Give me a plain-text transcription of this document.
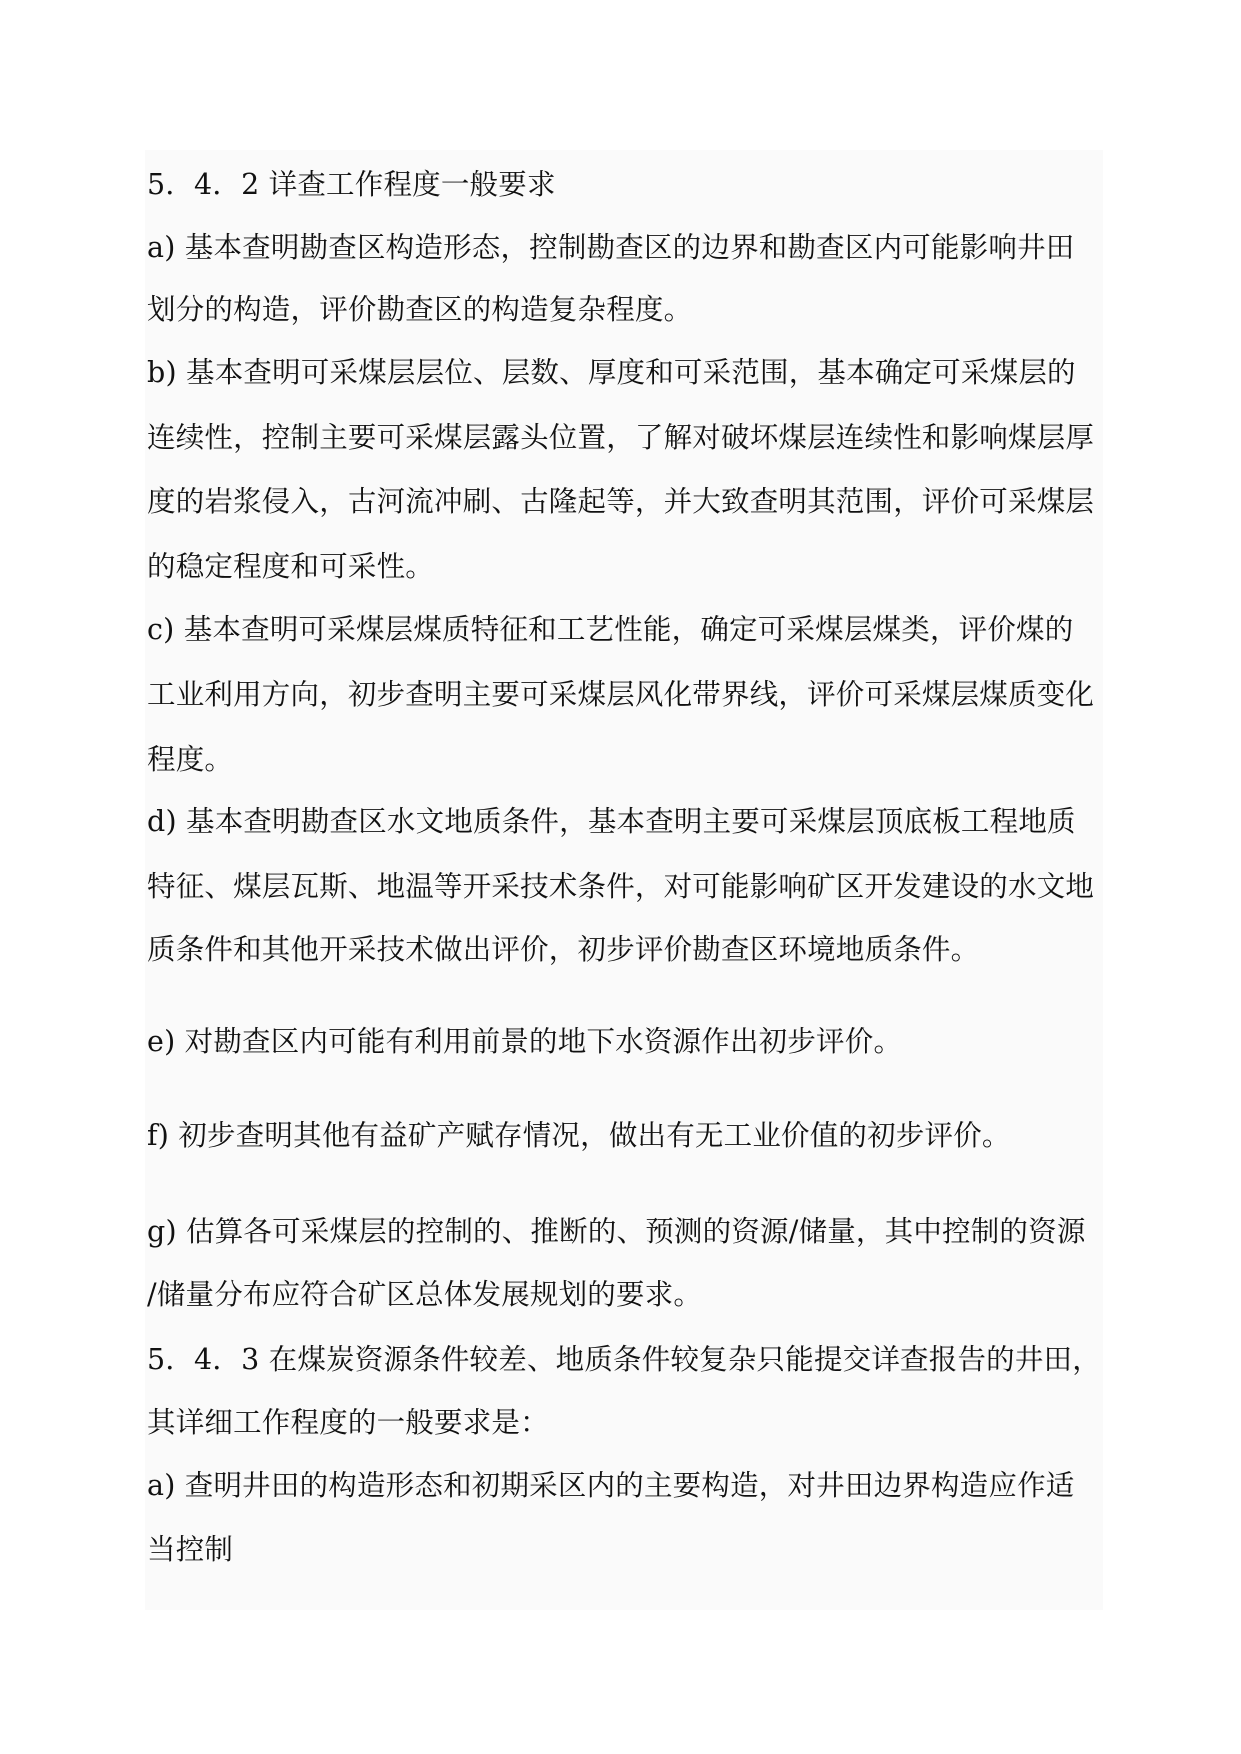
5．4．2 详查工作程度一般要求
a) 基本查明勘查区构造形态，控制勘查区的边界和勘查区内可能影响井田
划分的构造，评价勘查区的构造复杂程度。
b) 基本查明可采煤层层位、层数、厚度和可采范围，基本确定可采煤层的
连续性，控制主要可采煤层露头位置，了解对破坏煤层连续性和影响煤层厚
度的岩浆侵入，古河流冲刷、古隆起等，并大致查明其范围，评价可采煤层
的稳定程度和可采性。
c) 基本查明可采煤层煤质特征和工艺性能，确定可采煤层煤类，评价煤的
工业利用方向，初步查明主要可采煤层风化带界线，评价可采煤层煤质变化
程度。
d) 基本查明勘查区水文地质条件，基本查明主要可采煤层顶底板工程地质
特征、煤层瓦斯、地温等开采技术条件，对可能影响矿区开发建设的水文地
质条件和其他开采技术做出评价，初步评价勘查区环境地质条件。
e) 对勘查区内可能有利用前景的地下水资源作出初步评价。
f) 初步查明其他有益矿产赋存情况，做出有无工业价值的初步评价。
g) 估算各可采煤层的控制的、推断的、预测的资源/储量，其中控制的资源
/储量分布应符合矿区总体发展规划的要求。
5．4．3 在煤炭资源条件较差、地质条件较复杂只能提交详查报告的井田，
其详细工作程度的一般要求是：
a) 查明井田的构造形态和初期采区内的主要构造，对井田边界构造应作适
当控制
